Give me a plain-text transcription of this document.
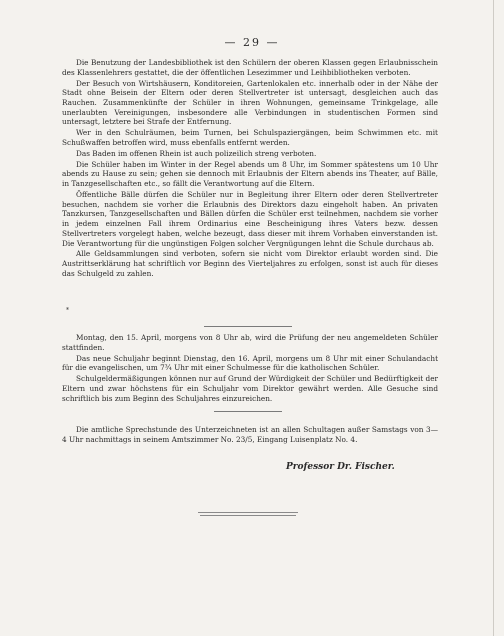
— 29 —

Die Benutzung der Landesbibliothek ist den Schülern der oberen Klassen gegen Erlaubnisschein des Klassenlehrers gestattet, die der öffentlichen Lesezimmer und Leihbibliotheken verboten.

Der Besuch von Wirtshäusern, Konditoreien, Gartenlokalen etc. innerhalb oder in der Nähe der Stadt ohne Beisein der Eltern oder deren Stellvertreter ist untersagt, desgleichen auch das Rauchen. Zusammenkünfte der Schüler in ihren Wohnungen, gemeinsame Trinkgelage, alle unerlaubten Vereinigungen, insbesondere alle Verbindungen in studentischen Formen sind untersagt, letztere bei Strafe der Entfernung.

Wer in den Schulräumen, beim Turnen, bei Schulspaziergängen, beim Schwimmen etc. mit Schußwaffen betroffen wird, muss ebenfalls entfernt werden.

Das Baden im offenen Rhein ist auch polizeilich streng verboten.

Die Schüler haben im Winter in der Regel abends um 8 Uhr, im Sommer spätestens um 10 Uhr abends zu Hause zu sein; gehen sie dennoch mit Erlaubnis der Eltern abends ins Theater, auf Bälle, in Tanzgesellschaften etc., so fällt die Verantwortung auf die Eltern.

Öffentliche Bälle dürfen die Schüler nur in Begleitung ihrer Eltern oder deren Stellvertreter besuchen, nachdem sie vorher die Erlaubnis des Direktors dazu eingeholt haben. An privaten Tanzkursen, Tanzgesellschaften und Bällen dürfen die Schüler erst teilnehmen, nachdem sie vorher in jedem einzelnen Fall ihrem Ordinarius eine Bescheinigung ihres Vaters bezw. dessen Stellvertreters vorgelegt haben, welche bezeugt, dass dieser mit ihrem Vorhaben einverstanden ist. Die Verantwortung für die ungünstigen Folgen solcher Vergnügungen lehnt die Schule durchaus ab.

Alle Geldsammlungen sind verboten, sofern sie nicht vom Direktor erlaubt worden sind. Die Austrittserklärung hat schriftlich vor Beginn des Vierteljahres zu erfolgen, sonst ist auch für dieses das Schulgeld zu zahlen.

*

Montag, den 15. April, morgens von 8 Uhr ab, wird die Prüfung der neu angemeldeten Schüler stattfinden.

Das neue Schuljahr beginnt Dienstag, den 16. April, morgens um 8 Uhr mit einer Schulandacht für die evangelischen, um 7¾ Uhr mit einer Schulmesse für die katholischen Schüler.

Schulgeldermäßigungen können nur auf Grund der Würdigkeit der Schüler und Bedürftigkeit der Eltern und zwar höchstens für ein Schuljahr vom Direktor gewährt werden. Alle Gesuche sind schriftlich bis zum Beginn des Schuljahres einzureichen.

Die amtliche Sprechstunde des Unterzeichneten ist an allen Schultagen außer Samstags von 3—4 Uhr nachmittags in seinem Amtszimmer No. 23/5, Eingang Luisenplatz No. 4.

Professor Dr. Fischer.
